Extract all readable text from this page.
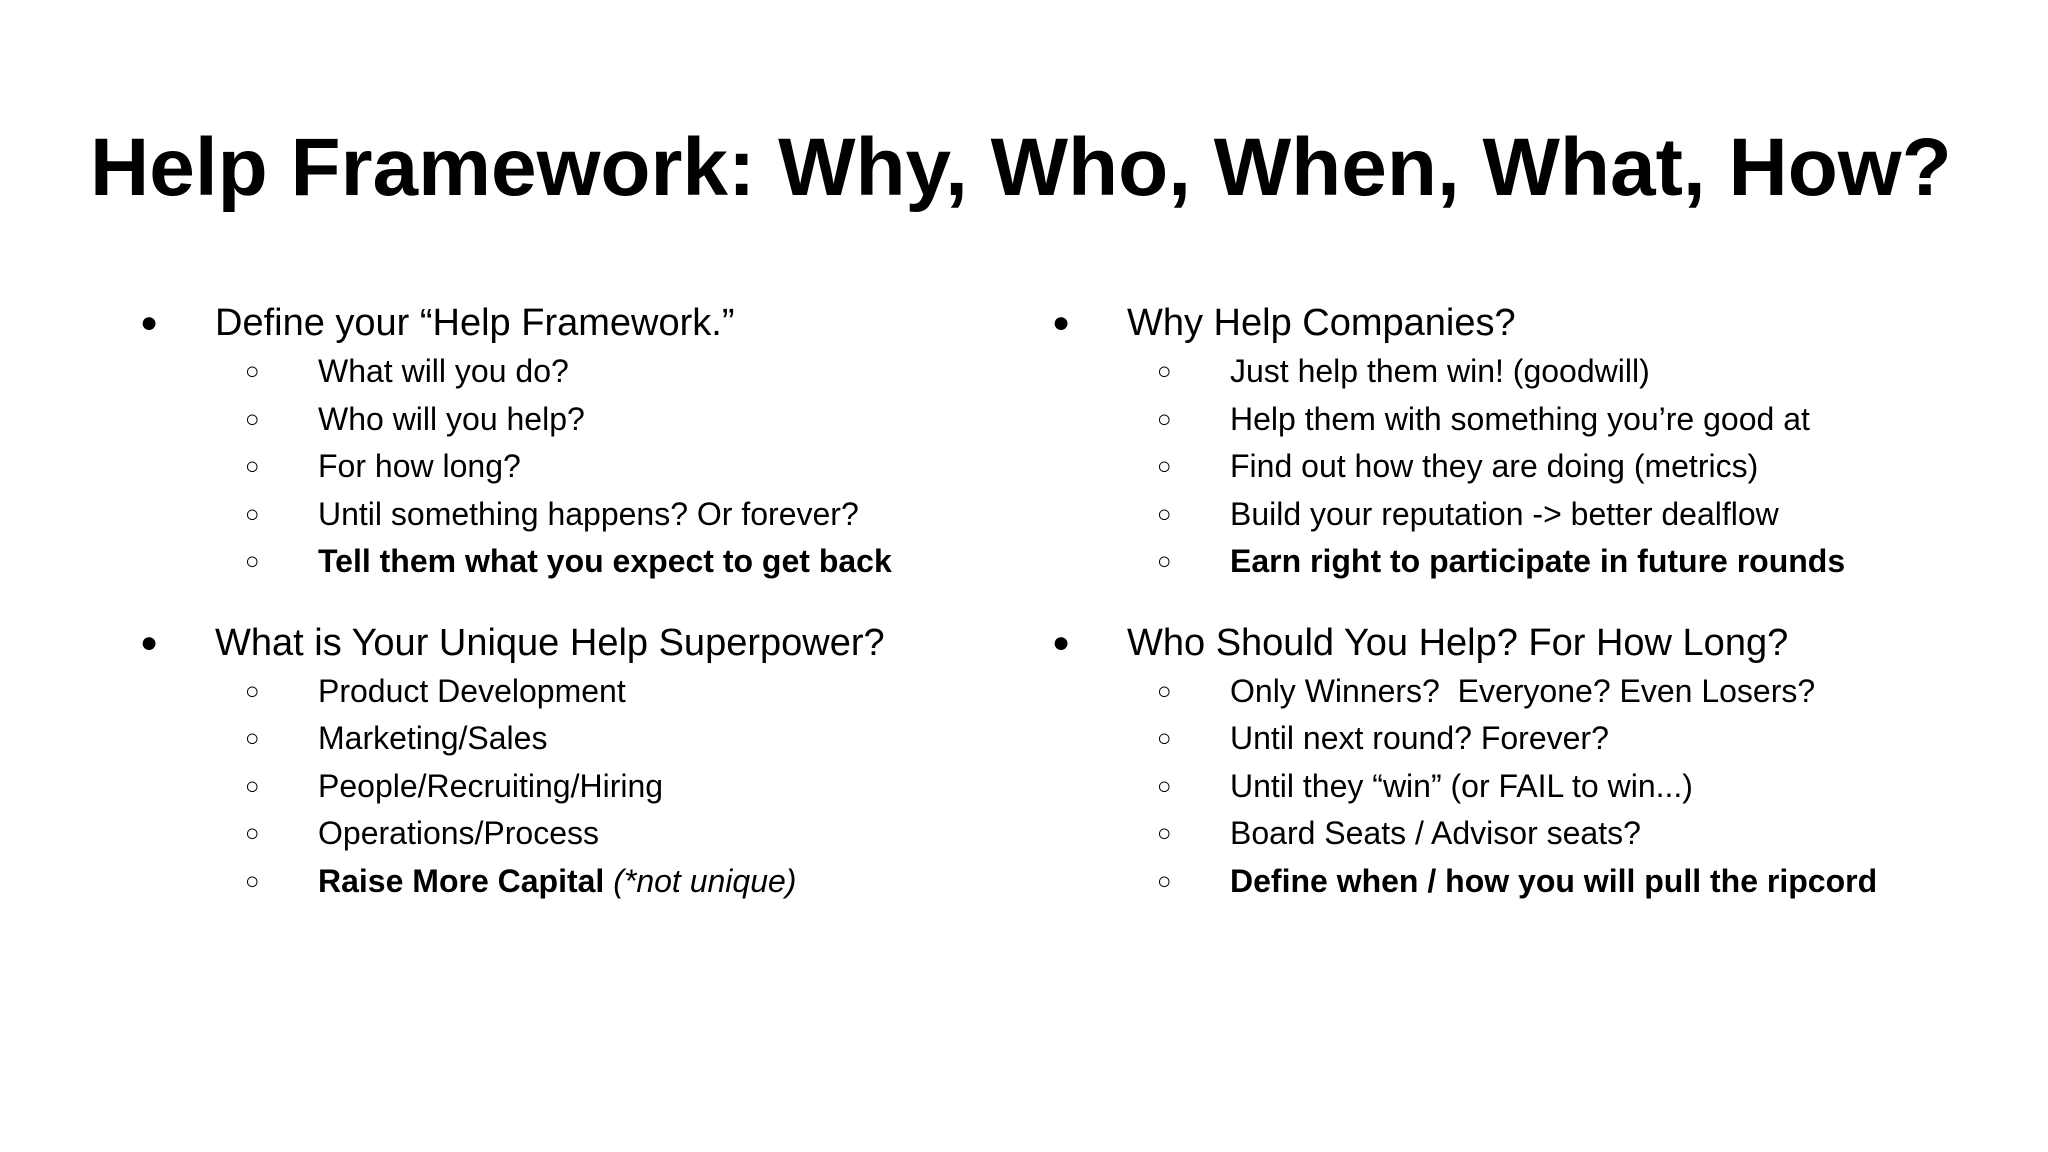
Help Framework: Why, Who, When, What, How?
●	Define your “Help Framework.”
○ What will you do?
○ Who will you help?
○ For how long?
○ Until something happens? Or forever?
○ Tell them what you expect to get back
●	What is Your Unique Help Superpower?
○ Product Development
○ Marketing/Sales
○ People/Recruiting/Hiring
○ Operations/Process
○ Raise More Capital (*not unique)
●	Why Help Companies?
○ Just help them win! (goodwill)
○ Help them with something you’re good at
○ Find out how they are doing (metrics)
○ Build your reputation -> better dealflow
○ Earn right to participate in future rounds
●	Who Should You Help? For How Long?
○ Only Winners?  Everyone? Even Losers?
○ Until next round? Forever?
○ Until they “win” (or FAIL to win...)
○ Board Seats / Advisor seats?
○ Define when / how you will pull the ripcord
